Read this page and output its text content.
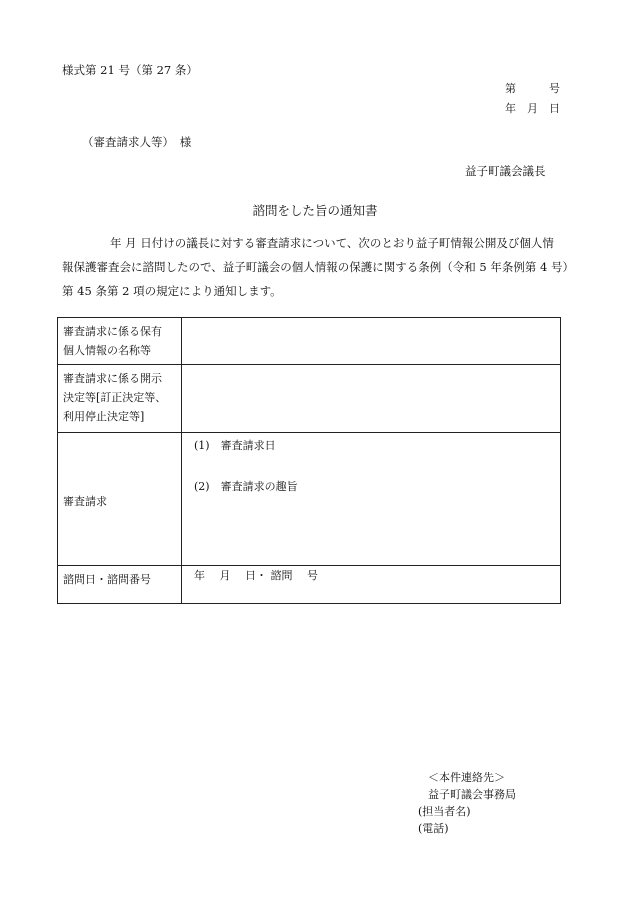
様式第 21 号（第 27 条）
第　　　号
年　月　日
（審査請求人等）　様
益子町議会議長
諮問をした旨の通知書

年 月 日付けの議長に対する審査請求について、次のとおり益子町情報公開及び個人情

報保護審査会に諮問したので、益子町議会の個人情報の保護に関する条例（令和 5 年条例第 4 号）

第 45 条第 2 項の規定により通知します。

審査請求に係る保有
個人情報の名称等	

審査請求に係る開示
決定等[訂正決定等、
利用停止決定等]	

審査請求	(1)　審査請求日
(2)　審査請求の趣旨

諮問日・諮問番号	年　 月　 日・ 諮問　 号
＜本件連絡先＞
益子町議会事務局
(担当者名)
(電話)
